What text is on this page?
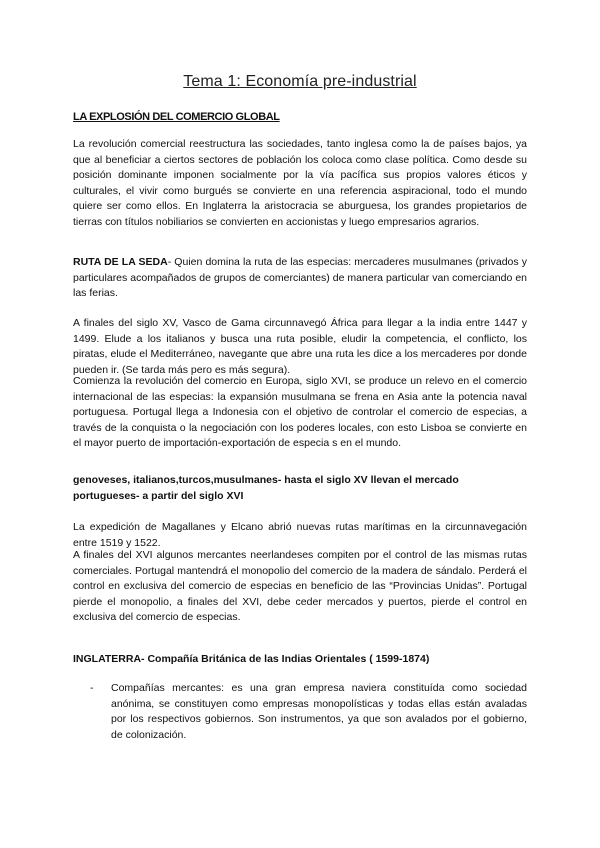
Tema 1: Economía pre-industrial
LA EXPLOSIÓN DEL COMERCIO GLOBAL

La revolución comercial reestructura las sociedades, tanto inglesa como la de países bajos, ya que al beneficiar a ciertos sectores de población los coloca como clase política. Como desde su posición dominante imponen socialmente por la vía pacífica sus propios valores éticos y culturales, el vivir como burgués se convierte en una referencia aspiracional, todo el mundo quiere ser como ellos. En Inglaterra la aristocracia se aburguesa, los grandes propietarios de tierras con títulos nobiliarios se convierten en accionistas y luego empresarios agrarios.

RUTA DE LA SEDA- Quien domina la ruta de las especias: mercaderes musulmanes (privados y particulares acompañados de grupos de comerciantes) de manera particular van comerciando en las ferias.

A finales del siglo XV, Vasco de Gama circunnavegó África para llegar a la india entre 1447 y 1499. Elude a los italianos y busca una ruta posible, eludir la competencia, el conflicto, los piratas, elude el Mediterráneo, navegante que abre una ruta les dice a los mercaderes por donde pueden ir. (Se tarda más pero es más segura).

Comienza la revolución del comercio en Europa, siglo XVI, se produce un relevo en el comercio internacional de las especias: la expansión musulmana se frena en Asia ante la potencia naval portuguesa. Portugal llega a Indonesia con el objetivo de controlar el comercio de especias, a través de la conquista o la negociación con los poderes locales, con esto Lisboa se convierte en el mayor puerto de importación-exportación de especia s en el mundo.

genoveses, italianos,turcos,musulmanes- hasta el siglo XV llevan el mercado portugueses- a partir del siglo XVI

La expedición de Magallanes y Elcano abrió nuevas rutas marítimas en la circunnavegación entre 1519 y 1522.

A finales del XVI algunos mercantes neerlandeses compiten por el control de las mismas rutas comerciales. Portugal mantendrá el monopolio del comercio de la madera de sándalo. Perderá el control en exclusiva del comercio de especias en beneficio de las “Provincias Unidas”. Portugal pierde el monopolio, a finales del XVI, debe ceder mercados y puertos, pierde el control en exclusiva del comercio de especias.

INGLATERRA- Compañía Británica de las Indias Orientales ( 1599-1874)

- Compañías mercantes: es una gran empresa naviera constituída como sociedad anónima, se constituyen como empresas monopolísticas y todas ellas están avaladas por los respectivos gobiernos. Son instrumentos, ya que son avalados por el gobierno, de colonización.
